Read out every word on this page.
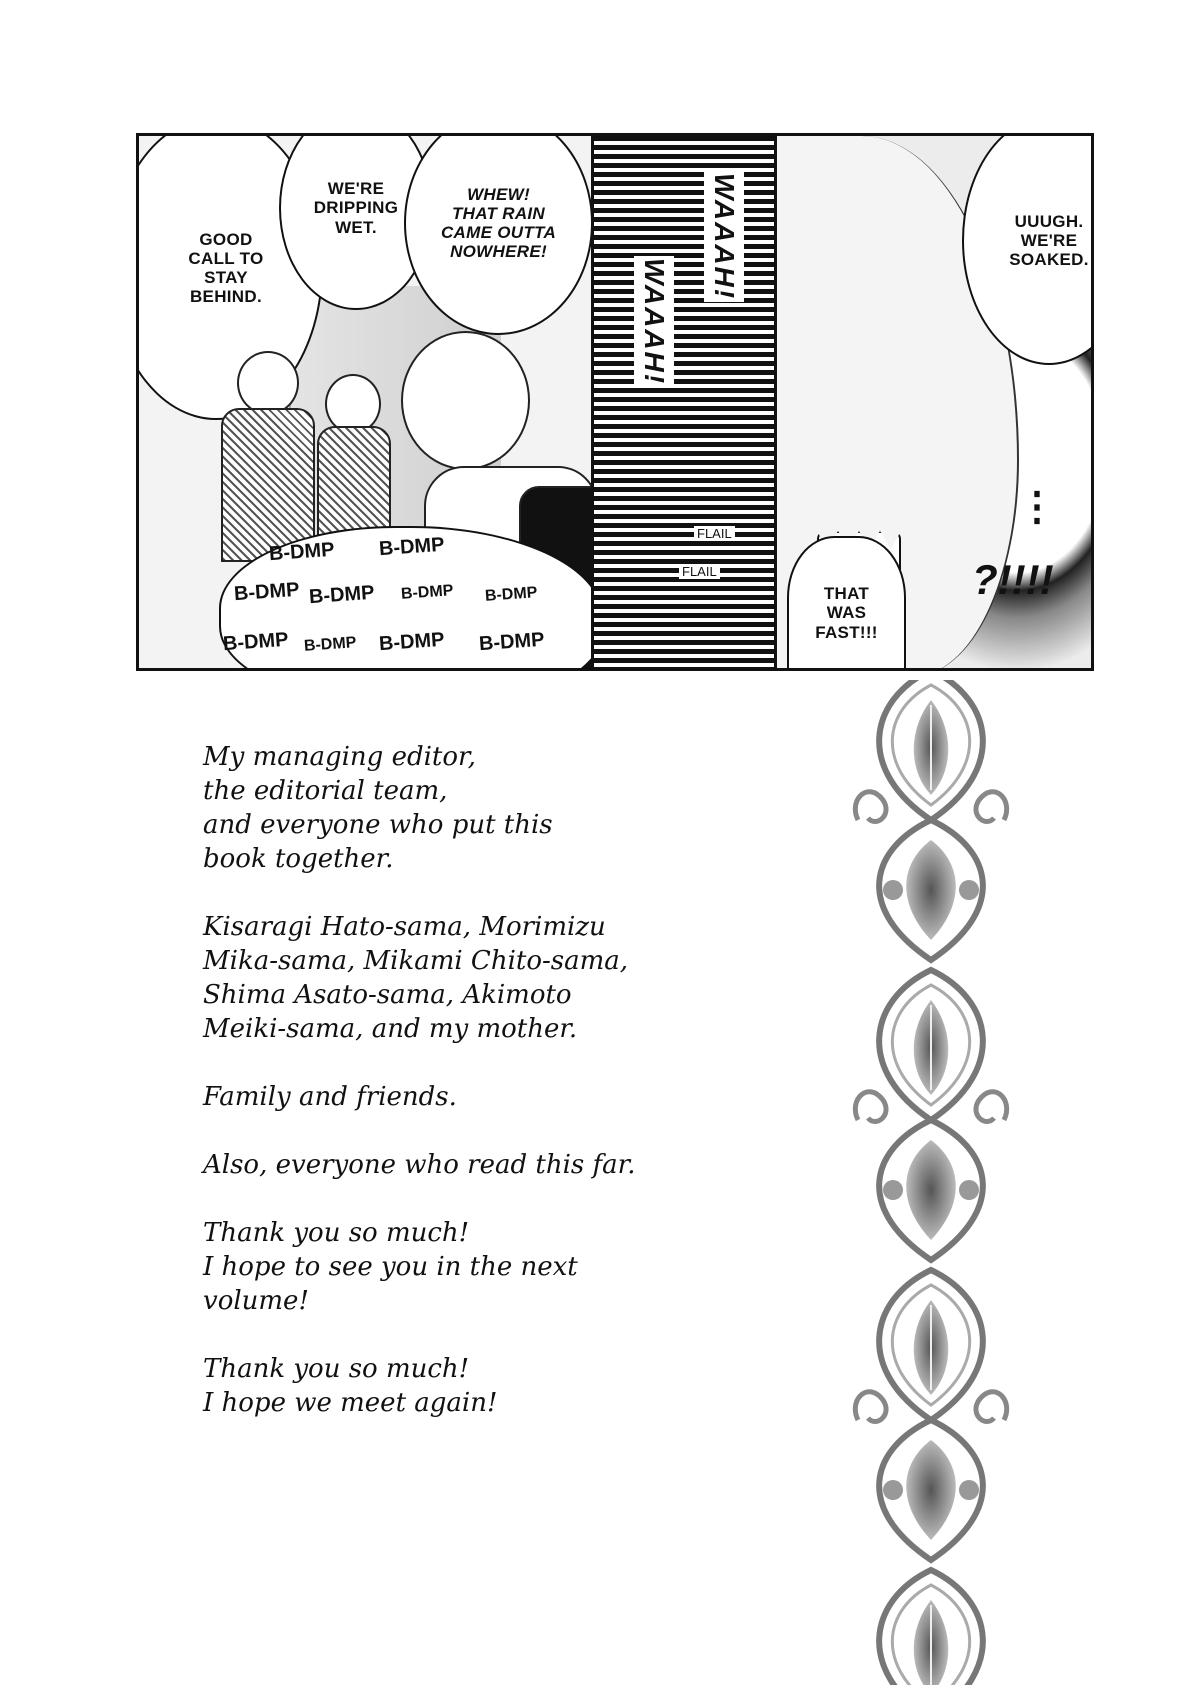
GOOD
CALL TO
STAY
BEHIND.
WE'RE
DRIPPING
WET.
WHEW!
THAT RAIN
CAME OUTTA
NOWHERE!
B-DMP B-DMP
B-DMP B-DMP B-DMP B-DMP
B-DMP B-DMP B-DMP B-DMP
WAAAH!
WAAAH!
FLAIL
FLAIL
UUUGH.
WE'RE
SOAKED.
THAT
WAS
FAST!!!
⋮
?!!!!

My managing editor,
the editorial team,
and everyone who put this
book together.

Kisaragi Hato-sama, Morimizu
Mika-sama, Mikami Chito-sama,
Shima Asato-sama, Akimoto
Meiki-sama, and my mother.

Family and friends.

Also, everyone who read this far.

Thank you so much!
I hope to see you in the next
volume!

Thank you so much!
I hope we meet again!
